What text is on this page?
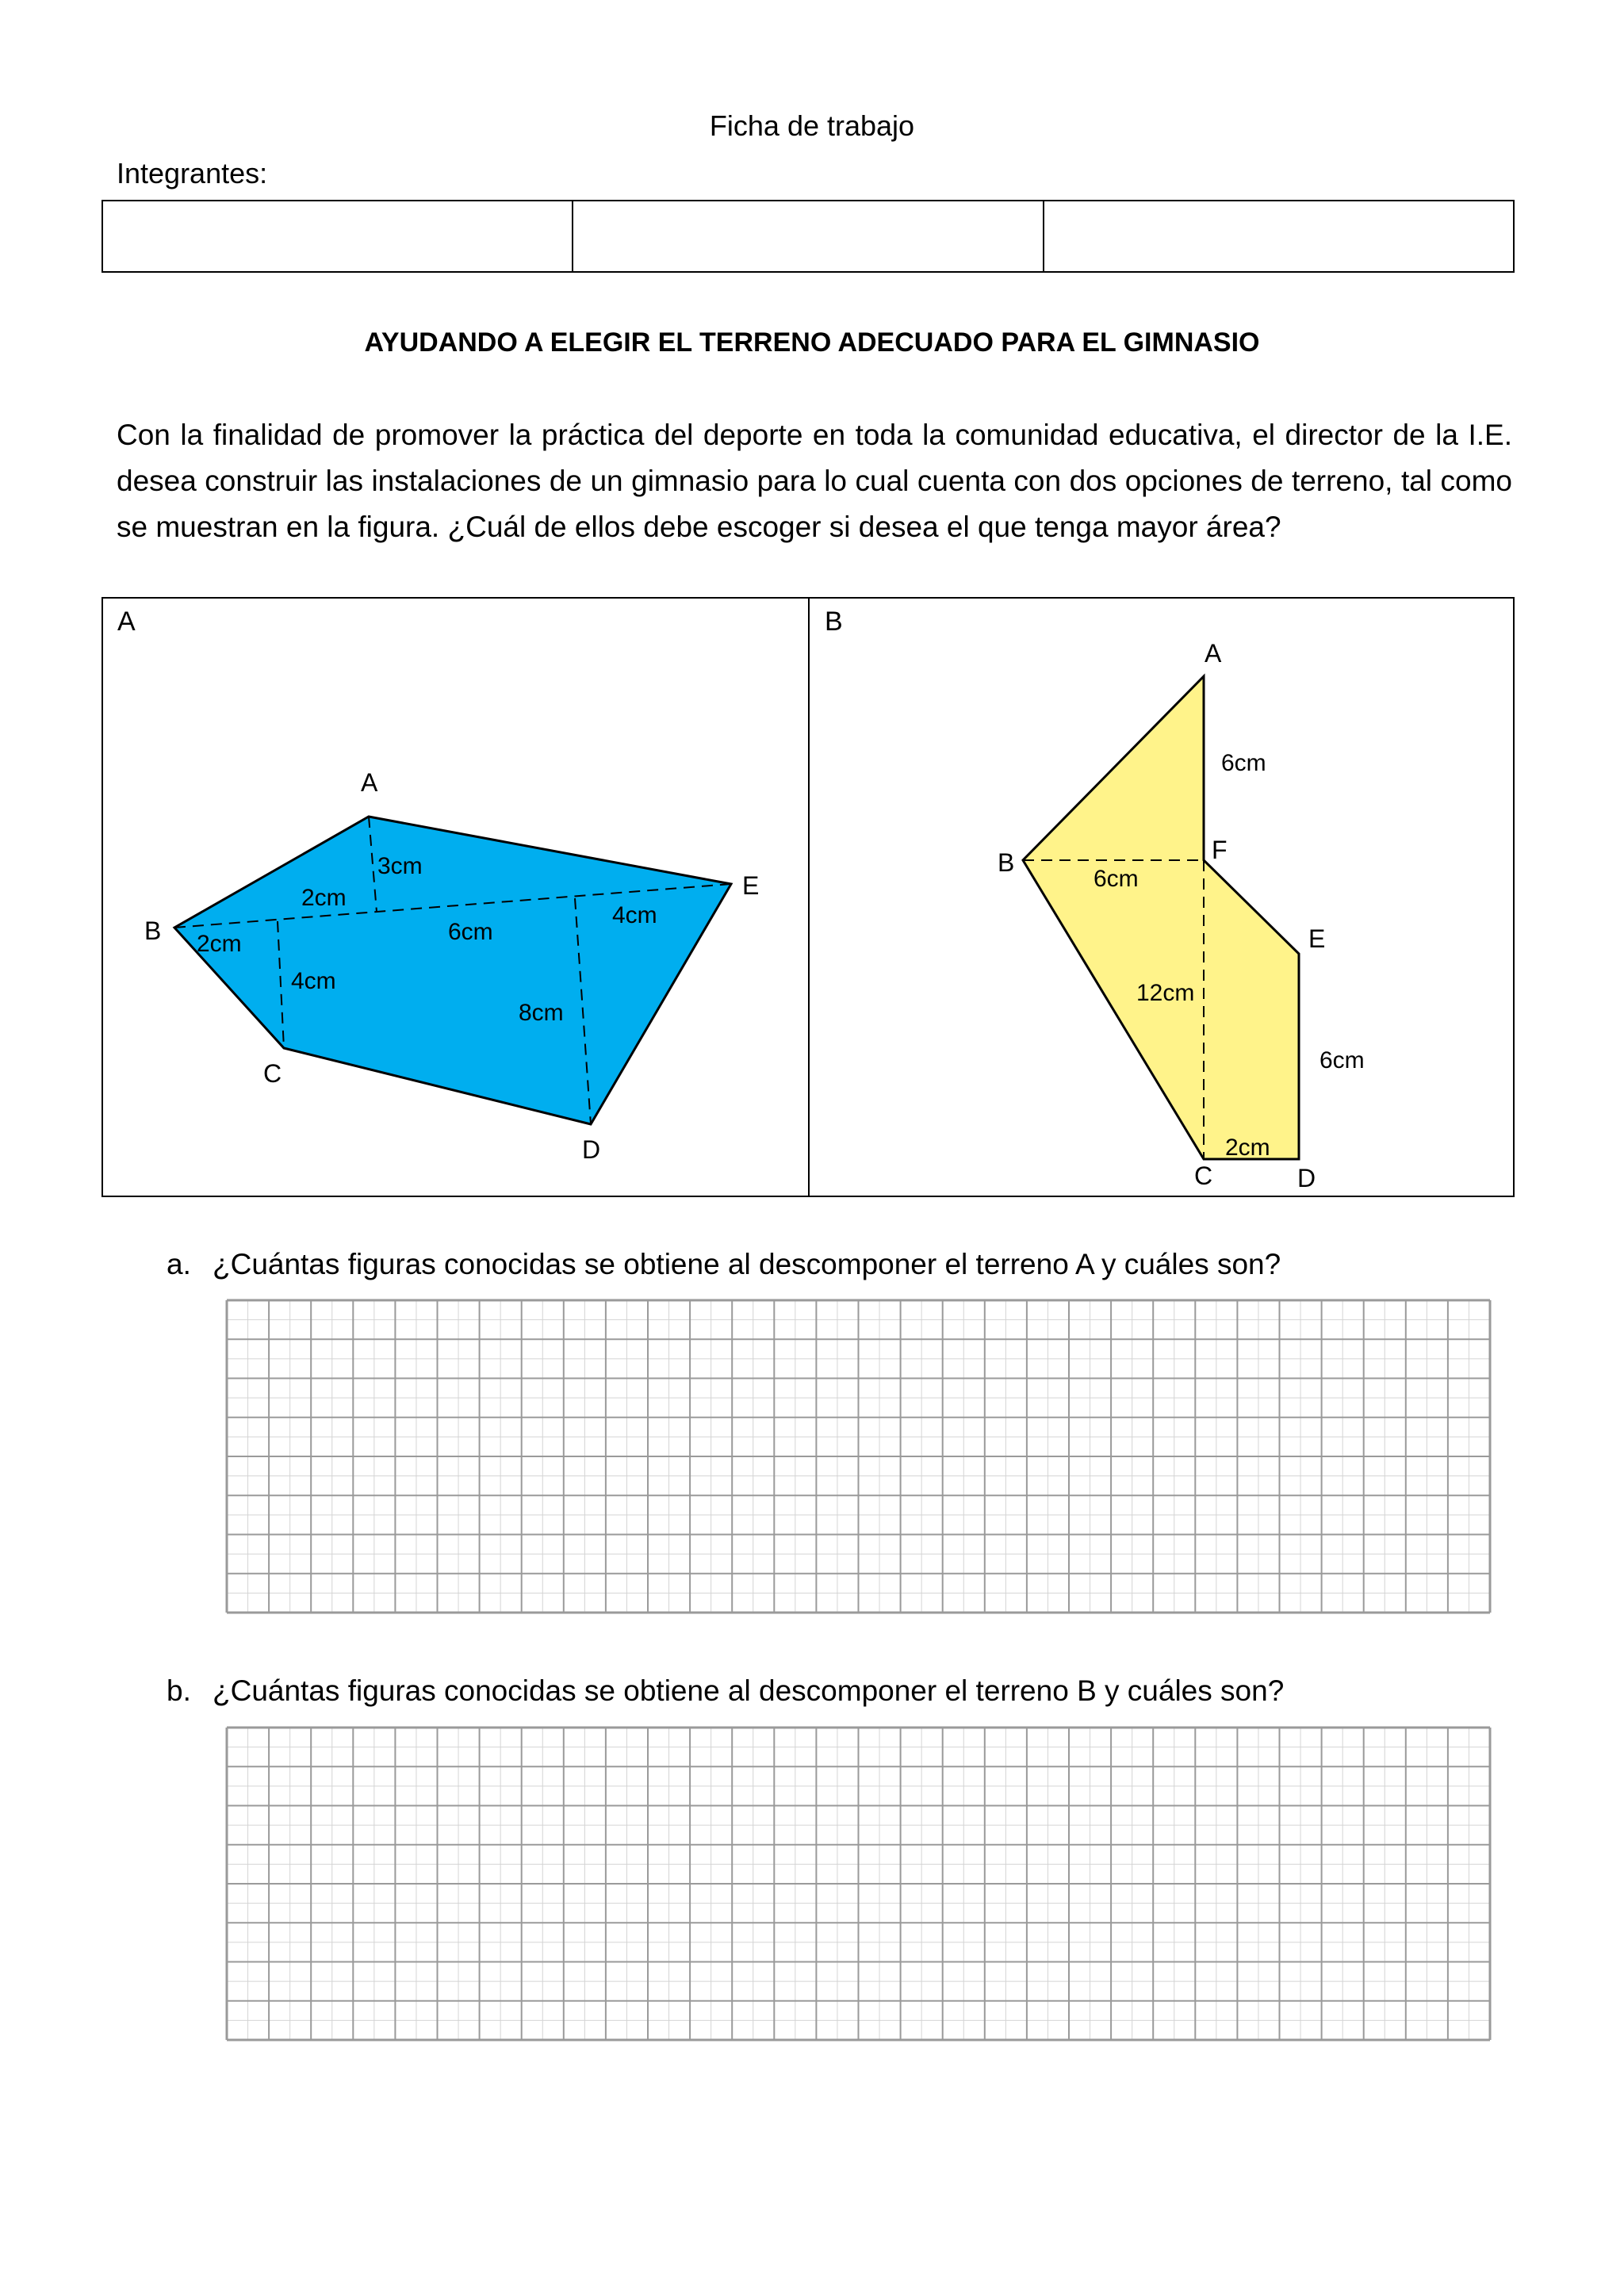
Ficha de trabajo
Integrantes:
AYUDANDO A ELEGIR EL TERRENO ADECUADO PARA EL GIMNASIO
Con la finalidad de promover la práctica del deporte en toda la comunidad educativa, el director de la I.E. desea construir las instalaciones de un gimnasio para lo cual cuenta con dos opciones de terreno, tal como se muestran en la figura. ¿Cuál de ellos debe escoger si desea el que tenga mayor área?
A	B
A
B
C
D
E
3cm
2cm
2cm	6cm
4cm
4cm
8cm
A
B
C	D
E
F
6cm
6cm
12cm
6cm
2cm
a. ¿Cuántas figuras conocidas se obtiene al descomponer el terreno A y cuáles son?
b. ¿Cuántas figuras conocidas se obtiene al descomponer el terreno B y cuáles son?
